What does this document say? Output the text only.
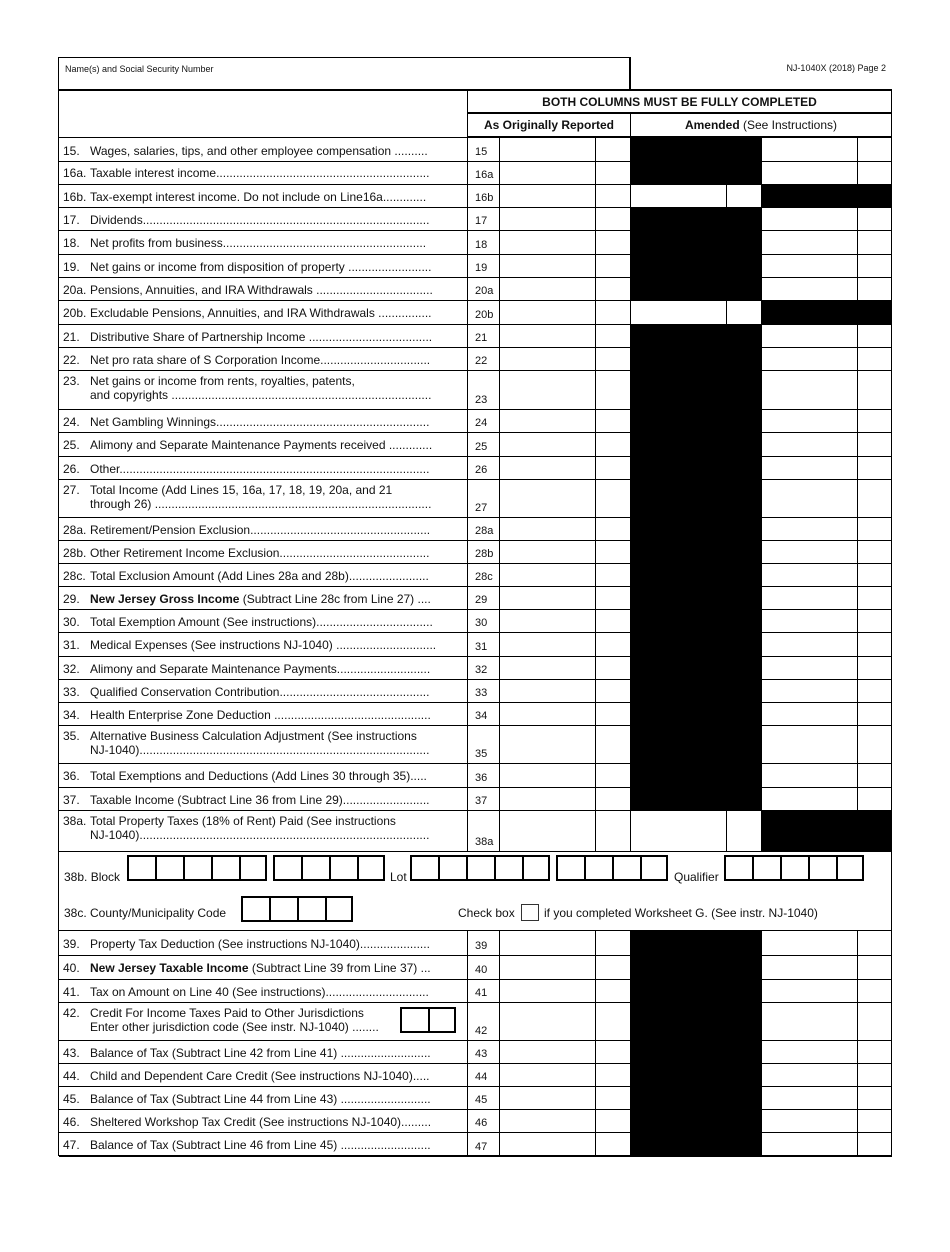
Name(s) and Social Security Number	NJ-1040X (2018) Page 2
BOTH COLUMNS MUST BE FULLY COMPLETED
As Originally Reported	Amended (See Instructions)
15. Wages, salaries, tips, and other employee compensation ..........	15
16a. Taxable interest income................................................................	16a
16b. Tax-exempt interest income. Do not include on Line16a.............	16b
17. Dividends......................................................................................	17
18. Net profits from business.............................................................	18
19. Net gains or income from disposition of property .........................	19
20a. Pensions, Annuities, and IRA Withdrawals ...................................	20a
20b. Excludable Pensions, Annuities, and IRA Withdrawals ................	20b
21. Distributive Share of Partnership Income .....................................	21
22. Net pro rata share of S Corporation Income.................................	22
23. Net gains or income from rents, royalties, patents,
and copyrights ..............................................................................	23
24. Net Gambling Winnings................................................................	24
25. Alimony and Separate Maintenance Payments received .............	25
26. Other.............................................................................................	26
27. Total Income (Add Lines 15, 16a, 17, 18, 19, 20a, and 21
through 26) ...................................................................................	27
28a. Retirement/Pension Exclusion......................................................	28a
28b. Other Retirement Income Exclusion.............................................	28b
28c. Total Exclusion Amount (Add Lines 28a and 28b)........................	28c
29. New Jersey Gross Income (Subtract Line 28c from Line 27) ....	29
30. Total Exemption Amount (See instructions)...................................	30
31. Medical Expenses (See instructions NJ-1040) ..............................	31
32. Alimony and Separate Maintenance Payments............................	32
33. Qualified Conservation Contribution.............................................	33
34. Health Enterprise Zone Deduction ...............................................	34
35. Alternative Business Calculation Adjustment (See instructions
NJ-1040).......................................................................................	35
36. Total Exemptions and Deductions (Add Lines 30 through 35).....	36
37. Taxable Income (Subtract Line 36 from Line 29)..........................	37
38a. Total Property Taxes (18% of Rent) Paid (See instructions
NJ-1040).......................................................................................	38a
38b. Block	Lot	Qualifier
38c. County/Municipality Code	Check box if you completed Worksheet G. (See instr. NJ-1040)
39. Property Tax Deduction (See instructions NJ-1040).....................	39
40. New Jersey Taxable Income (Subtract Line 39 from Line 37) ...	40
41. Tax on Amount on Line 40 (See instructions)...............................	41
42. Credit For Income Taxes Paid to Other Jurisdictions
Enter other jurisdiction code (See instr. NJ-1040) ........	42
43. Balance of Tax (Subtract Line 42 from Line 41) ...........................	43
44. Child and Dependent Care Credit (See instructions NJ-1040).....	44
45. Balance of Tax (Subtract Line 44 from Line 43) ...........................	45
46. Sheltered Workshop Tax Credit (See instructions NJ-1040).........	46
47. Balance of Tax (Subtract Line 46 from Line 45) ...........................	47
